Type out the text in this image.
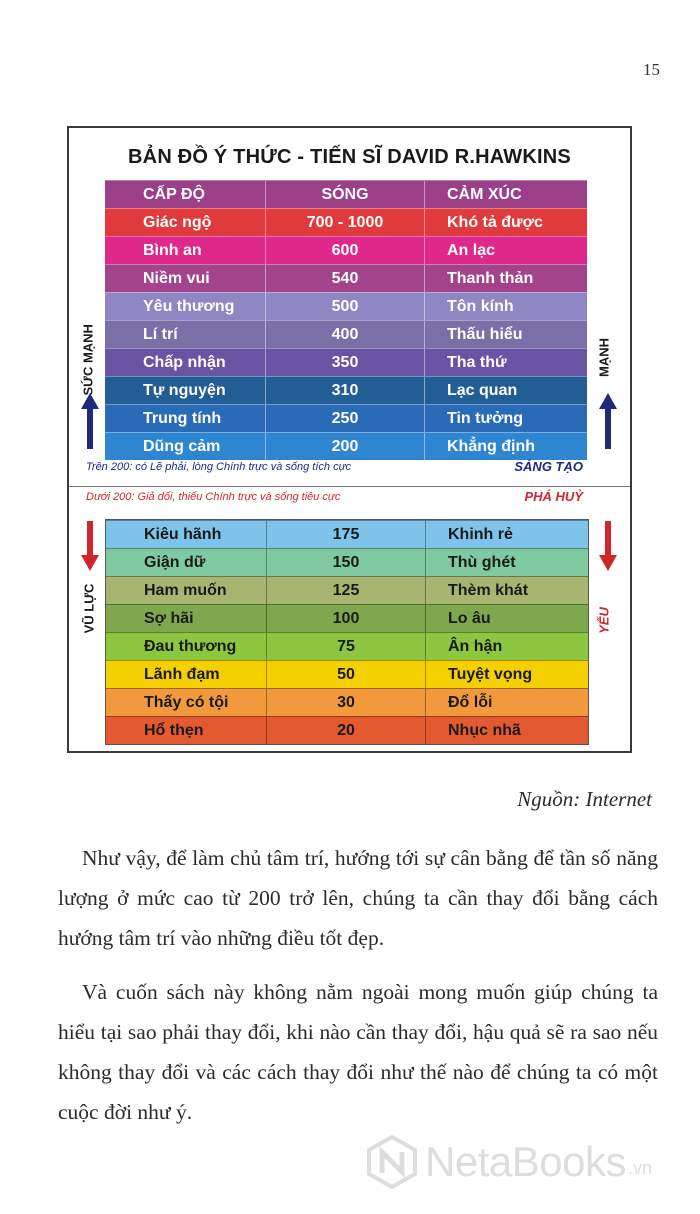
15
BẢN ĐỒ Ý THỨC - TIẾN SĨ DAVID R.HAWKINS
CẤP ĐỘ	SÓNG	CẢM XÚC
Giác ngộ	700 - 1000	Khó tả được
Bình an	600	An lạc
Niềm vui	540	Thanh thản
Yêu thương	500	Tôn kính
Lí trí	400	Thấu hiểu
Chấp nhận	350	Tha thứ
Tự nguyện	310	Lạc quan
Trung tính	250	Tin tưởng
Dũng cảm	200	Khẳng định
Trên 200: có Lẽ phải, lòng Chính trực và sống tích cực	SÁNG TẠO
Dưới 200: Giả dối, thiếu Chính trực và sống tiêu cực	PHÁ HUỶ
Kiêu hãnh	175	Khinh rẻ
Giận dữ	150	Thù ghét
Ham muốn	125	Thèm khát
Sợ hãi	100	Lo âu
Đau thương	75	Ân hận
Lãnh đạm	50	Tuyệt vọng
Thấy có tội	30	Đổ lỗi
Hổ thẹn	20	Nhục nhã
SỨC MẠNH	MẠNH
VŨ LỰC	YẾU
Nguồn: Internet

Như vậy, để làm chủ tâm trí, hướng tới sự cân bằng để tần số năng lượng ở mức cao từ 200 trở lên, chúng ta cần thay đổi bằng cách hướng tâm trí vào những điều tốt đẹp.

Và cuốn sách này không nằm ngoài mong muốn giúp chúng ta hiểu tại sao phải thay đổi, khi nào cần thay đổi, hậu quả sẽ ra sao nếu không thay đổi và các cách thay đổi như thế nào để chúng ta có một cuộc đời như ý.

NetaBooks .vn
